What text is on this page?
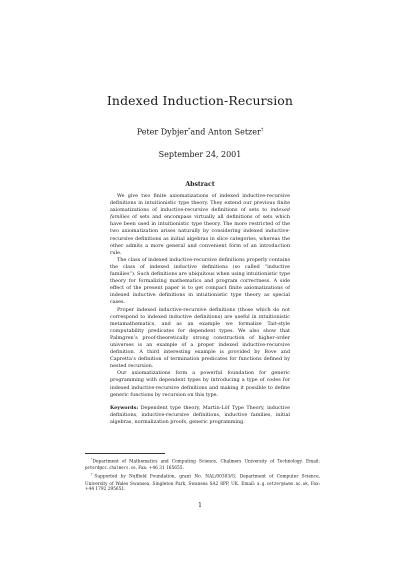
Indexed Induction-Recursion
Peter Dybjer*and Anton Setzer†
September 24, 2001
Abstract

We give two finite axiomatizations of indexed inductive-recursive definitions in intuitionistic type theory. They extend our previous finite axiomatizations of inductive-recursive definitions of sets to indexed families of sets and encompass virtually all definitions of sets which have been used in intuitionistic type theory. The more restricted of the two axiomatization arises naturally by considering indexed inductive-recursive definitions as initial algebras in slice categories, whereas the other admits a more general and convenient form of an introduction rule.

The class of indexed inductive-recursive definitions properly contains the class of indexed inductive definitions (so called “inductive families”). Such definitions are ubiquitous when using intuitionistic type theory for formalizing mathematics and program correctness. A side effect of the present paper is to get compact finite axiomatizations of indexed inductive definitions in intuitionistic type theory as special cases.

Proper indexed inductive-recursive definitions (those which do not correspond to indexed inductive definitions) are useful in intuitionistic metamathematics, and as an example we formalize Tait-style computability predicates for dependent types. We also show that Palmgren’s proof-theoretically strong construction of higher-order universes is an example of a proper indexed inductive-recursive definition. A third interesting example is provided by Bove and Capretta’s definition of termination predicates for functions defined by nested recursion.

Our axiomatizations form a powerful foundation for generic programming with dependent types by introducing a type of codes for indexed inductive-recursive definitions and making it possible to define generic functions by recursion on this type.

Keywords: Dependent type theory, Martin-Löf Type Theory, inductive definitions, inductive-recursive definitions, inductive families, initial algebras, normalization proofs, generic programming.

*Department of Mathematics and Computing Science, Chalmers University of Technology. Email: peterd@cs.chalmers.se, Fax: +46 31 165655.

†Supported by Nuffield Foundation, grant No. NAL/00303/G; Department of Computer Science, University of Wales Swansea, Singleton Park, Swansea SA2 8PP, UK. Email: a.g.setzer@swan.ac.uk, Fax: +44 1792 295651.

1
